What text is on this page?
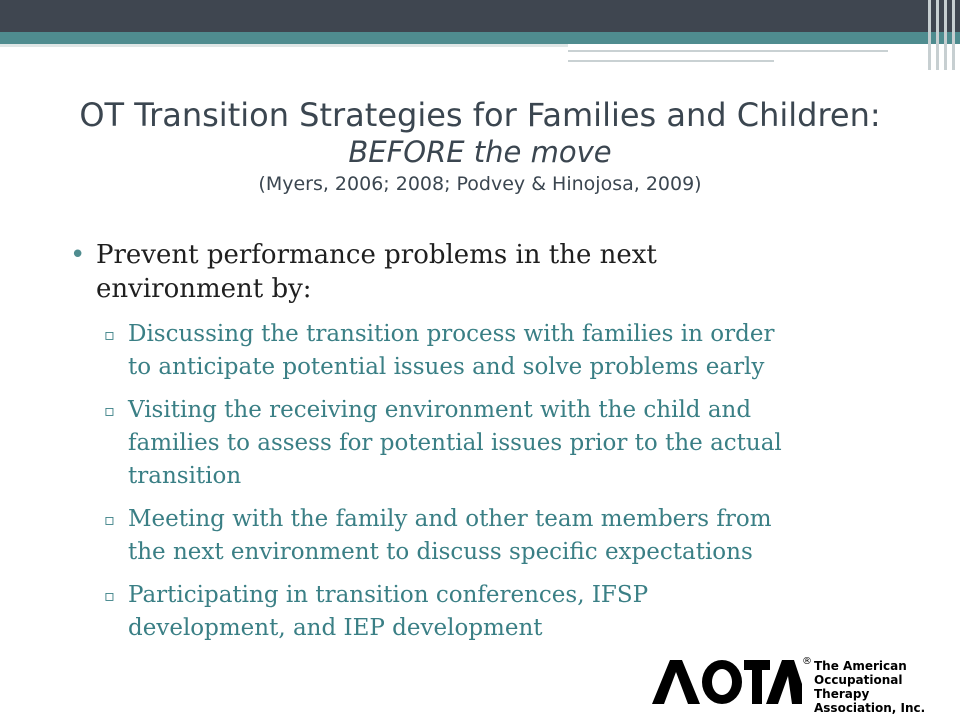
OT Transition Strategies for Families and Children:
BEFORE the move
(Myers, 2006; 2008; Podvey & Hinojosa, 2009)
• Prevent performance problems in the next
environment by:
▫ Discussing the transition process with families in order
to anticipate potential issues and solve problems early
▫ Visiting the receiving environment with the child and
families to assess for potential issues prior to the actual
transition
▫ Meeting with the family and other team members from
the next environment to discuss specific expectations
▫ Participating in transition conferences, IFSP
development, and IEP development
® The American
Occupational Therapy
Association, Inc.
